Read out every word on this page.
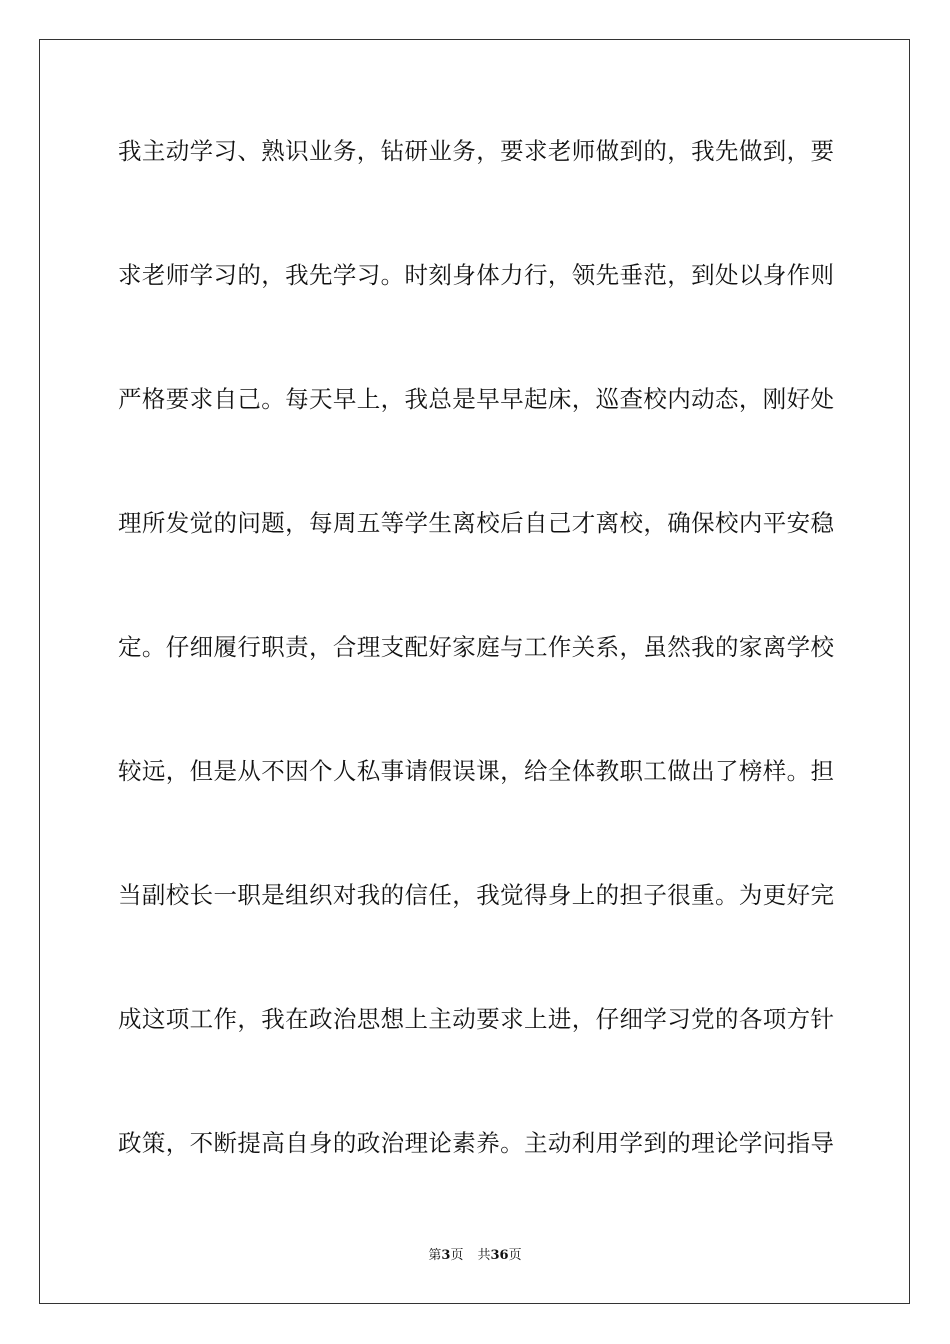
我主动学习、熟识业务，钻研业务，要求老师做到的，我先做到，要
求老师学习的，我先学习。时刻身体力行，领先垂范，到处以身作则
严格要求自己。每天早上，我总是早早起床，巡查校内动态，刚好处
理所发觉的问题，每周五等学生离校后自己才离校，确保校内平安稳
定。仔细履行职责，合理支配好家庭与工作关系，虽然我的家离学校
较远，但是从不因个人私事请假误课，给全体教职工做出了榜样。担
当副校长一职是组织对我的信任，我觉得身上的担子很重。为更好完
成这项工作，我在政治思想上主动要求上进，仔细学习党的各项方针
政策，不断提高自身的政治理论素养。主动利用学到的理论学问指导
第3页 共36页
